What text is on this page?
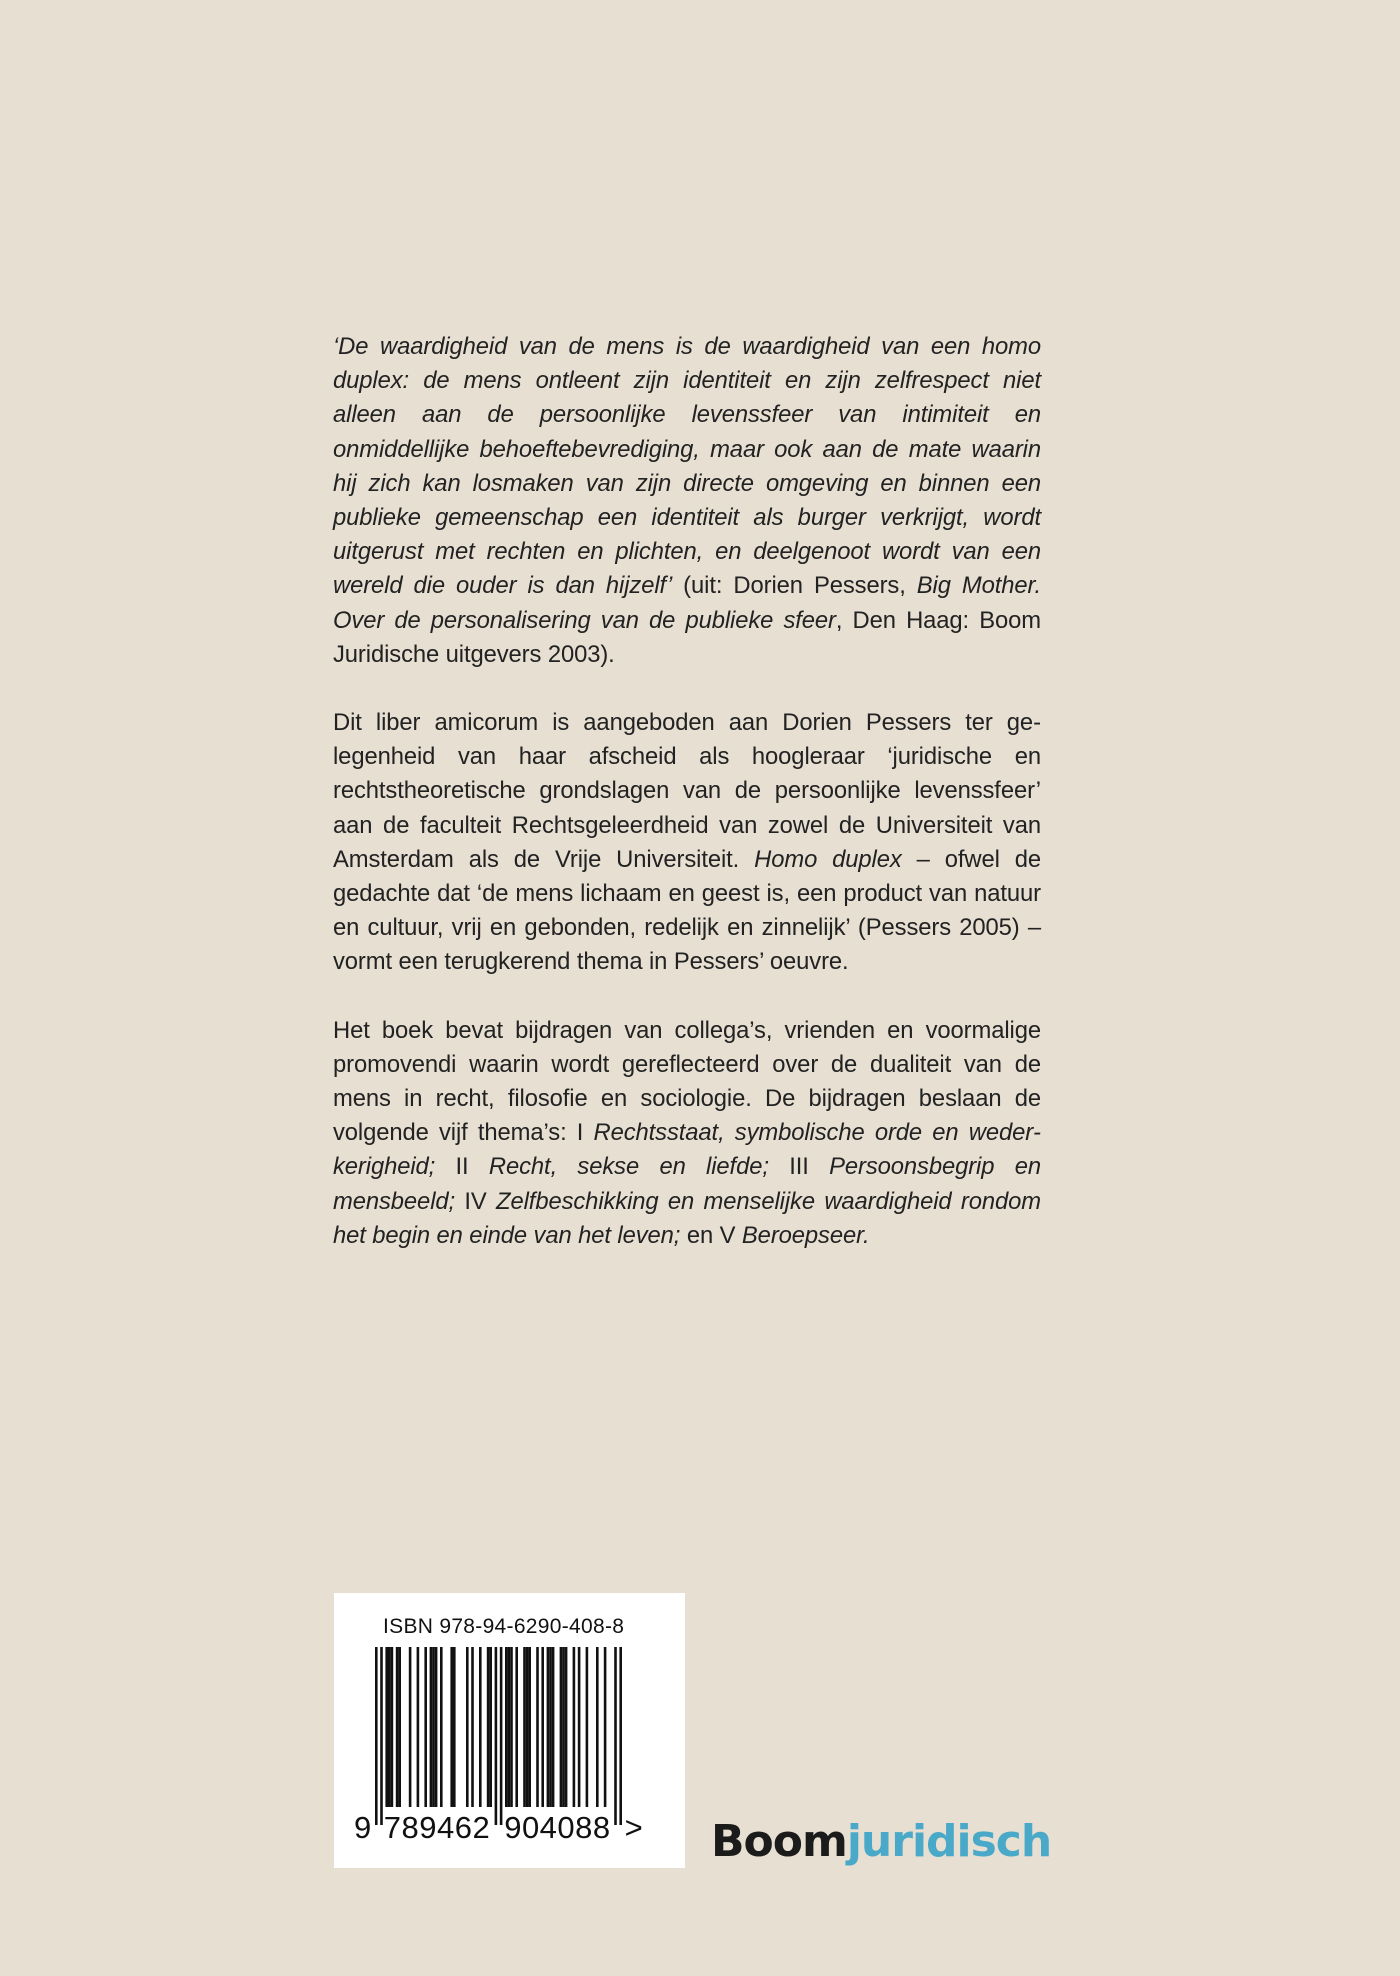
‘De waardigheid van de mens is de waardigheid van een homo duplex: de mens ontleent zijn identiteit en zijn zelfrespect niet alleen aan de persoonlijke levenssfeer van intimiteit en onmiddellijke behoeftebevrediging, maar ook aan de mate waarin hij zich kan losmaken van zijn directe omgeving en binnen een publieke gemeenschap een identiteit als burger verkrijgt, wordt uitgerust met rechten en plichten, en deelgenoot wordt van een wereld die ouder is dan hijzelf’ (uit: Dorien Pessers, Big Mother. Over de personalisering van de publieke sfeer, Den Haag: Boom Juridische uitgevers 2003).

Dit liber amicorum is aangeboden aan Dorien Pessers ter gelegenheid van haar afscheid als hoogleraar ‘juridische en rechtstheoretische grondslagen van de persoonlijke levenssfeer’ aan de faculteit Rechtsgeleerdheid van zowel de Universiteit van Amsterdam als de Vrije Universiteit. Homo duplex – ofwel de gedachte dat ‘de mens lichaam en geest is, een product van natuur en cultuur, vrij en gebonden, redelijk en zinnelijk’ (Pessers 2005) – vormt een terugkerend thema in Pessers’ oeuvre.

Het boek bevat bijdragen van collega’s, vrienden en voormalige promovendi waarin wordt gereflecteerd over de dualiteit van de mens in recht, filosofie en sociologie. De bijdragen beslaan de volgende vijf thema’s: I Rechtsstaat, symbolische orde en wederkerigheid; II Recht, sekse en liefde; III Persoonsbegrip en mensbeeld; IV Zelfbeschikking en menselijke waardigheid rondom het begin en einde van het leven; en V Beroepseer.

ISBN 978-94-6290-408-8
9 789462 904088 > Boomjuridisch
